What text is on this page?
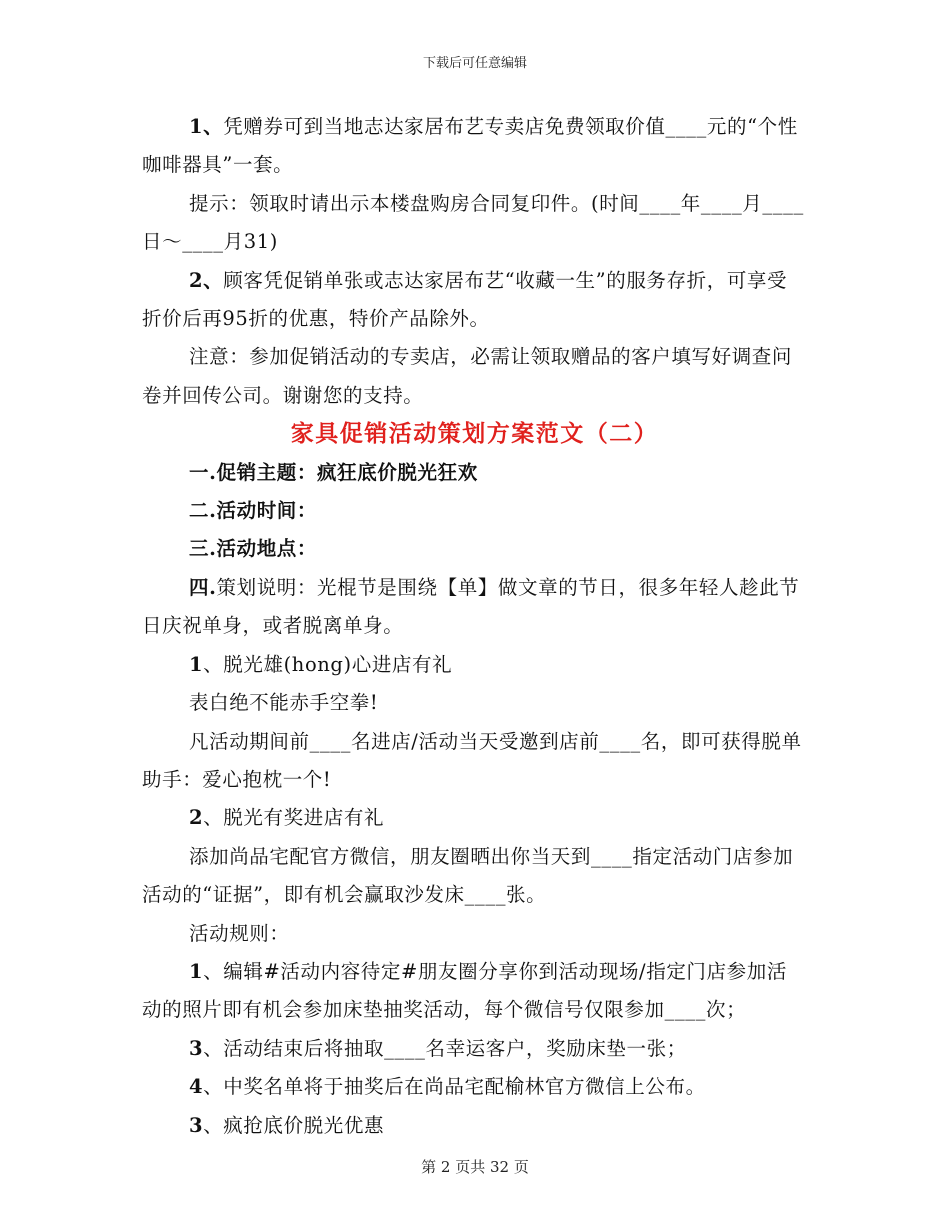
下载后可任意编辑

1、凭赠券可到当地志达家居布艺专卖店免费领取价值____元的“个性咖啡器具”一套。

提示：领取时请出示本楼盘购房合同复印件。(时间____年____月____日～____月31)

2、顾客凭促销单张或志达家居布艺“收藏一生”的服务存折，可享受折价后再95折的优惠，特价产品除外。

注意：参加促销活动的专卖店，必需让领取赠品的客户填写好调查问卷并回传公司。谢谢您的支持。

家具促销活动策划方案范文（二）

一.促销主题：疯狂底价脱光狂欢

二.活动时间：

三.活动地点：

四.策划说明：光棍节是围绕【单】做文章的节日，很多年轻人趁此节日庆祝单身，或者脱离单身。

1、脱光雄(hong)心进店有礼

表白绝不能赤手空拳!

凡活动期间前____名进店/活动当天受邀到店前____名，即可获得脱单助手：爱心抱枕一个!

2、脱光有奖进店有礼

添加尚品宅配官方微信，朋友圈晒出你当天到____指定活动门店参加活动的“证据”，即有机会赢取沙发床____张。

活动规则：

1、编辑#活动内容待定#朋友圈分享你到活动现场/指定门店参加活动的照片即有机会参加床垫抽奖活动，每个微信号仅限参加____次；

3、活动结束后将抽取____名幸运客户，奖励床垫一张；

4、中奖名单将于抽奖后在尚品宅配榆林官方微信上公布。

3、疯抢底价脱光优惠

第 2 页共 32 页
